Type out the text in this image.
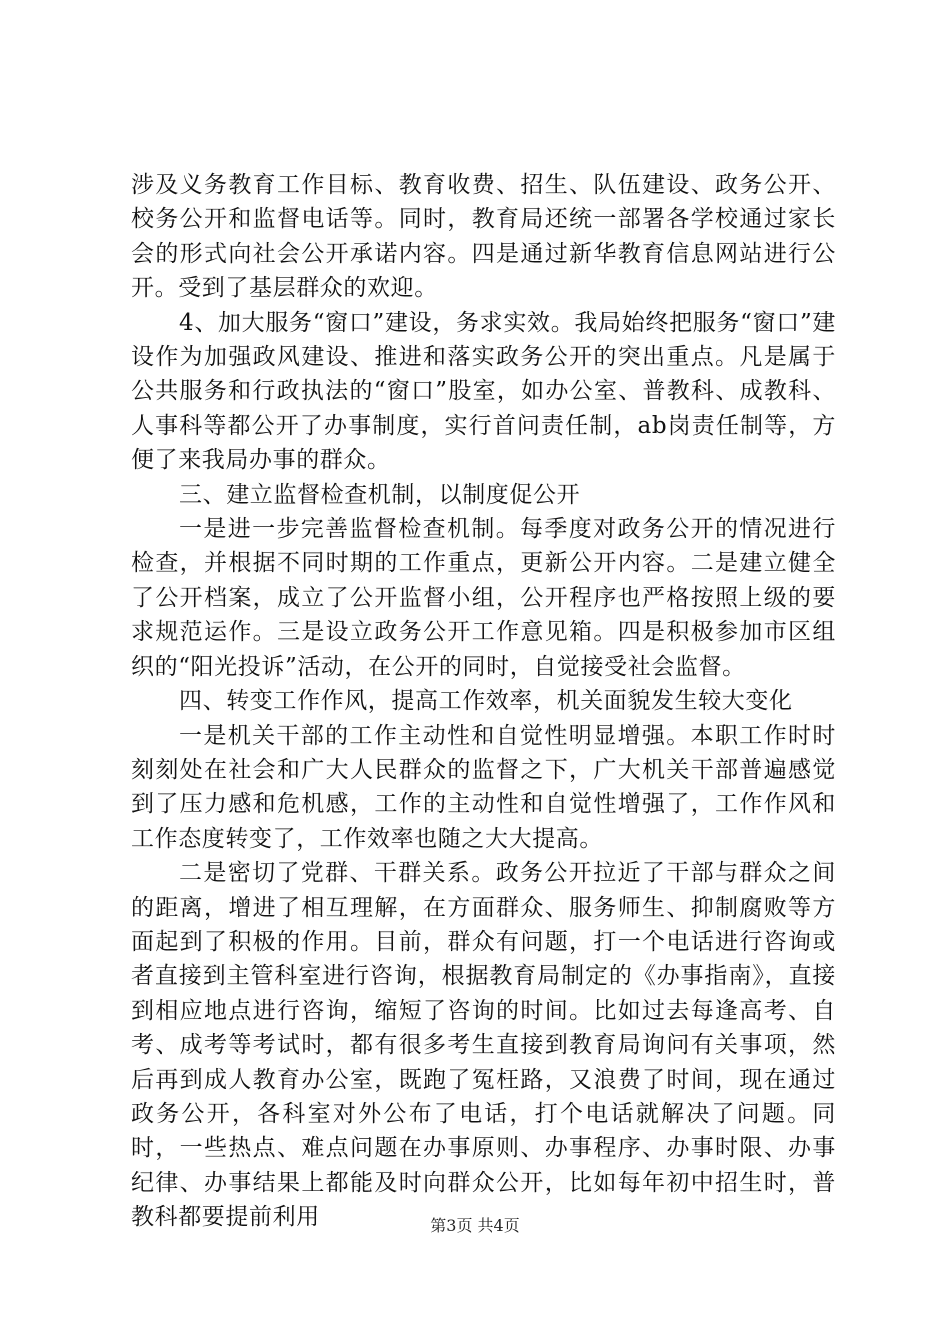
涉及义务教育工作目标、教育收费、招生、队伍建设、政务公开、校务公开和监督电话等。同时，教育局还统一部署各学校通过家长会的形式向社会公开承诺内容。四是通过新华教育信息网站进行公开。受到了基层群众的欢迎。

4、加大服务“窗口”建设，务求实效。我局始终把服务“窗口”建设作为加强政风建设、推进和落实政务公开的突出重点。凡是属于公共服务和行政执法的“窗口”股室，如办公室、普教科、成教科、人事科等都公开了办事制度，实行首问责任制，ab岗责任制等，方便了来我局办事的群众。

三、建立监督检查机制，以制度促公开

一是进一步完善监督检查机制。每季度对政务公开的情况进行检查，并根据不同时期的工作重点，更新公开内容。二是建立健全了公开档案，成立了公开监督小组，公开程序也严格按照上级的要求规范运作。三是设立政务公开工作意见箱。四是积极参加市区组织的“阳光投诉”活动，在公开的同时，自觉接受社会监督。

四、转变工作作风，提高工作效率，机关面貌发生较大变化

一是机关干部的工作主动性和自觉性明显增强。本职工作时时刻刻处在社会和广大人民群众的监督之下，广大机关干部普遍感觉到了压力感和危机感，工作的主动性和自觉性增强了，工作作风和工作态度转变了，工作效率也随之大大提高。

二是密切了党群、干群关系。政务公开拉近了干部与群众之间的距离，增进了相互理解，在方面群众、服务师生、抑制腐败等方面起到了积极的作用。目前，群众有问题，打一个电话进行咨询或者直接到主管科室进行咨询，根据教育局制定的《办事指南》，直接到相应地点进行咨询，缩短了咨询的时间。比如过去每逢高考、自考、成考等考试时，都有很多考生直接到教育局询问有关事项，然后再到成人教育办公室，既跑了冤枉路，又浪费了时间，现在通过政务公开，各科室对外公布了电话，打个电话就解决了问题。同时，一些热点、难点问题在办事原则、办事程序、办事时限、办事纪律、办事结果上都能及时向群众公开，比如每年初中招生时，普教科都要提前利用	第3页 共4页
